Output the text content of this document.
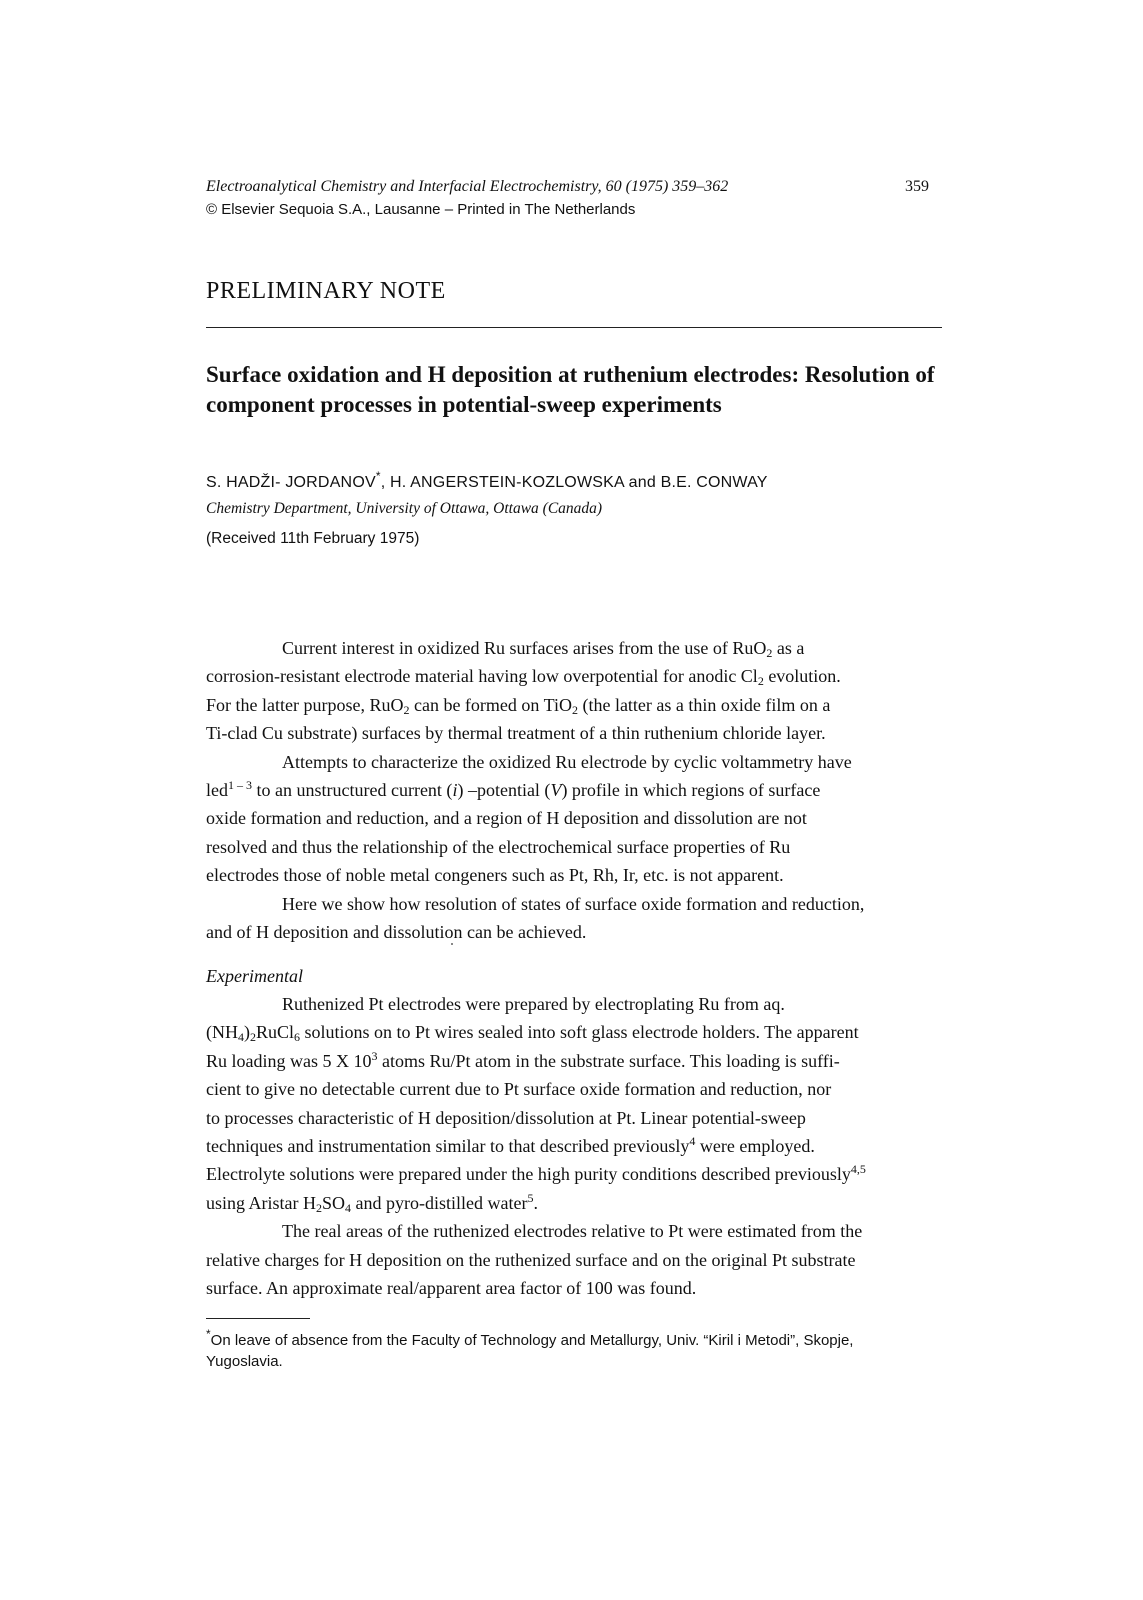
Electroanalytical Chemistry and Interfacial Electrochemistry, 60 (1975) 359–362
© Elsevier Sequoia S.A., Lausanne – Printed in The Netherlands
359
PRELIMINARY NOTE
Surface oxidation and H deposition at ruthenium electrodes: Resolution of
component processes in potential-sweep experiments
S. HADŽI- JORDANOV*, H. ANGERSTEIN-KOZLOWSKA and B.E. CONWAY
Chemistry Department, University of Ottawa, Ottawa (Canada)
(Received 11th February 1975)

Current interest in oxidized Ru surfaces arises from the use of RuO$_2$ as a
corrosion-resistant electrode material having low overpotential for anodic $Cl_2$ evolution.
For the latter purpose, RuO$_2$ can be formed on TiO$_2$ (the latter as a thin oxide film on a
Ti-clad Cu substrate) surfaces by thermal treatment of a thin ruthenium chloride layer.

Attempts to characterize the oxidized Ru electrode by cyclic voltammetry have
led$^{1 - 3}$ to an unstructured current (i) –potential (V) profile in which regions of surface
oxide formation and reduction, and a region of H deposition and dissolution are not
resolved and thus the relationship of the electrochemical surface properties of Ru
electrodes those of noble metal congeners such as Pt, Rh, Ir, etc. is not apparent.

Here we show how resolution of states of surface oxide formation and reduction,
and of H deposition and dissolution can be achieved.

Experimental

Ruthenized Pt electrodes were prepared by electroplating Ru from aq.
$(NH_4)_2RuCl_6$ solutions on to Pt wires sealed into soft glass electrode holders. The apparent
Ru loading was 5 X $10^3$ atoms Ru/Pt atom in the substrate surface. This loading is suffi-
cient to give no detectable current due to Pt surface oxide formation and reduction, nor
to processes characteristic of H deposition/dissolution at Pt. Linear potential-sweep
techniques and instrumentation similar to that described previously$^4$ were employed.
Electrolyte solutions were prepared under the high purity conditions described previously$^{4,5}$
using Aristar $H_2SO_4$ and pyro-distilled water$^5$.

The real areas of the ruthenized electrodes relative to Pt were estimated from the
relative charges for H deposition on the ruthenized surface and on the original Pt substrate
surface. An approximate real/apparent area factor of 100 was found.

*On leave of absence from the Faculty of Technology and Metallurgy, Univ. “Kiril i Metodi”, Skopje,
Yugoslavia.
